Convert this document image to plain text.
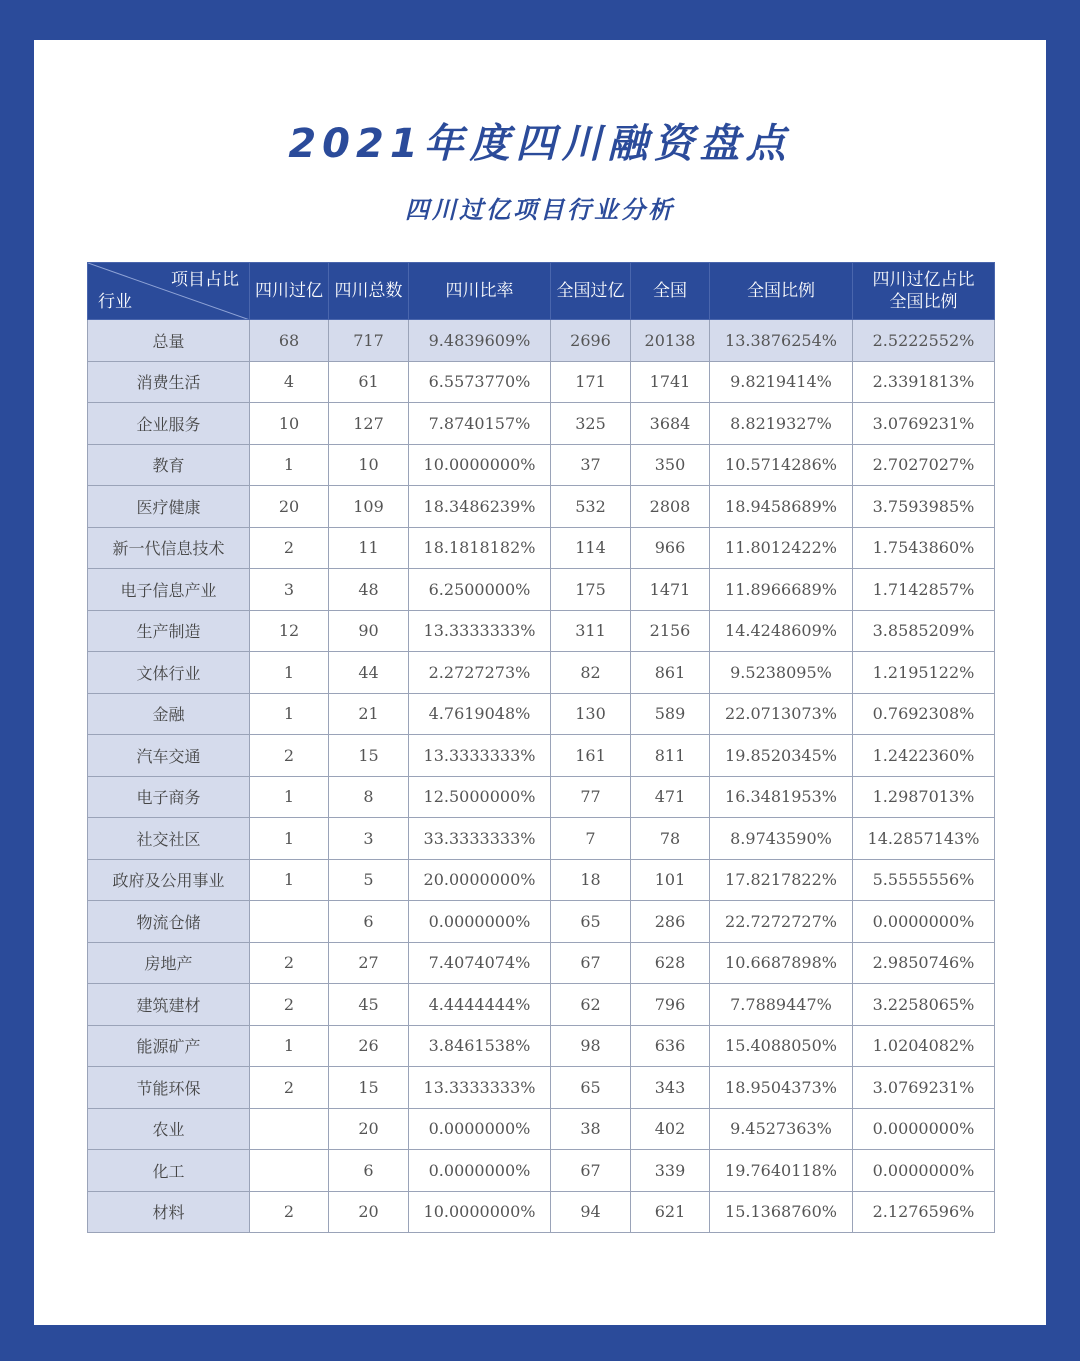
2021年度四川融资盘点
四川过亿项目行业分析
项目占比
行业	四川过亿	四川总数	四川比率	全国过亿	全国	全国比例	四川过亿占比
全国比例
总量	68	717	9.4839609%	2696	20138	13.3876254%	2.5222552%
消费生活	4	61	6.5573770%	171	1741	9.8219414%	2.3391813%
企业服务	10	127	7.8740157%	325	3684	8.8219327%	3.0769231%
教育	1	10	10.0000000%	37	350	10.5714286%	2.7027027%
医疗健康	20	109	18.3486239%	532	2808	18.9458689%	3.7593985%
新一代信息技术	2	11	18.1818182%	114	966	11.8012422%	1.7543860%
电子信息产业	3	48	6.2500000%	175	1471	11.8966689%	1.7142857%
生产制造	12	90	13.3333333%	311	2156	14.4248609%	3.8585209%
文体行业	1	44	2.2727273%	82	861	9.5238095%	1.2195122%
金融	1	21	4.7619048%	130	589	22.0713073%	0.7692308%
汽车交通	2	15	13.3333333%	161	811	19.8520345%	1.2422360%
电子商务	1	8	12.5000000%	77	471	16.3481953%	1.2987013%
社交社区	1	3	33.3333333%	7	78	8.9743590%	14.2857143%
政府及公用事业	1	5	20.0000000%	18	101	17.8217822%	5.5555556%
物流仓储		6	0.0000000%	65	286	22.7272727%	0.0000000%
房地产	2	27	7.4074074%	67	628	10.6687898%	2.9850746%
建筑建材	2	45	4.4444444%	62	796	7.7889447%	3.2258065%
能源矿产	1	26	3.8461538%	98	636	15.4088050%	1.0204082%
节能环保	2	15	13.3333333%	65	343	18.9504373%	3.0769231%
农业		20	0.0000000%	38	402	9.4527363%	0.0000000%
化工		6	0.0000000%	67	339	19.7640118%	0.0000000%
材料	2	20	10.0000000%	94	621	15.1368760%	2.1276596%
